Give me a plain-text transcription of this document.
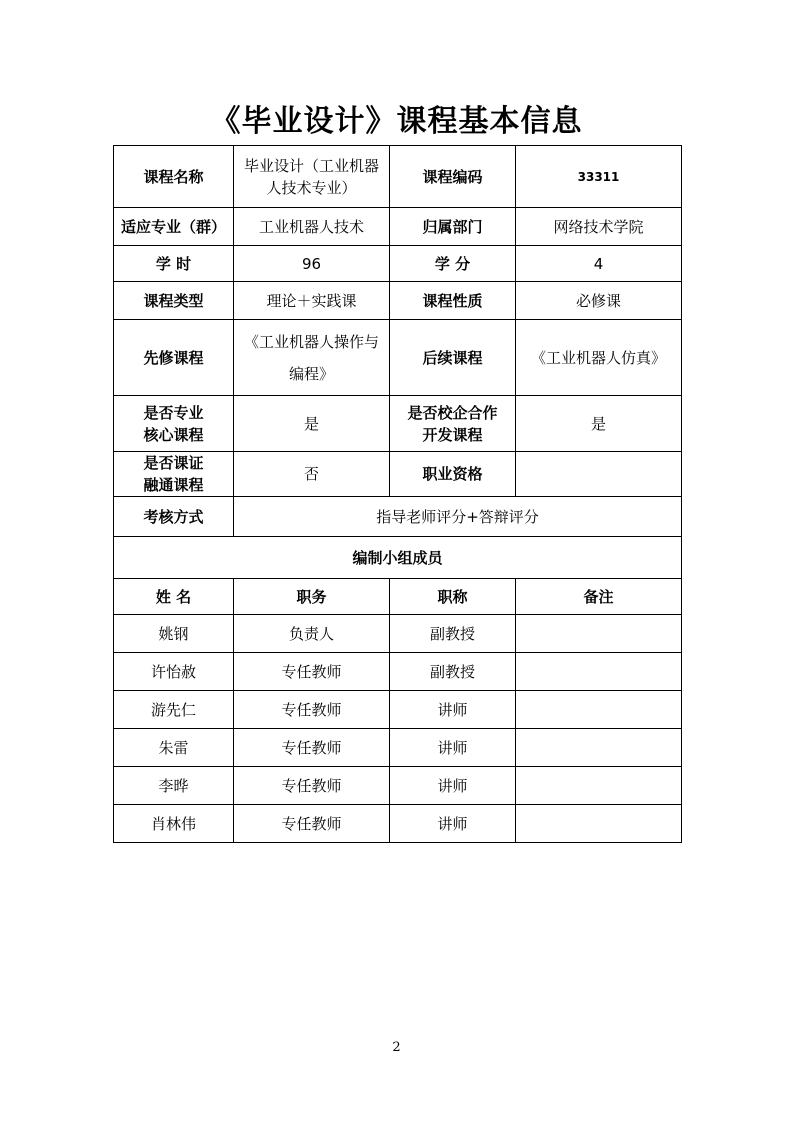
《毕业设计》课程基本信息
课程名称	毕业设计（工业机器人技术专业）	课程编码	33311
适应专业（群）	工业机器人技术	归属部门	网络技术学院
学 时	96	学 分	4
课程类型	理论＋实践课	课程性质	必修课
先修课程	《工业机器人操作与编程》	后续课程	《工业机器人仿真》
是否专业核心课程	是	是否校企合作开发课程	是
是否课证融通课程	否	职业资格	
考核方式	指导老师评分+答辩评分		
编制小组成员			
姓 名	职务	职称	备注
姚钢	负责人	副教授	
许怡赦	专任教师	副教授	
游先仁	专任教师	讲师	
朱雷	专任教师	讲师	
李晔	专任教师	讲师	
肖林伟	专任教师	讲师	
2
